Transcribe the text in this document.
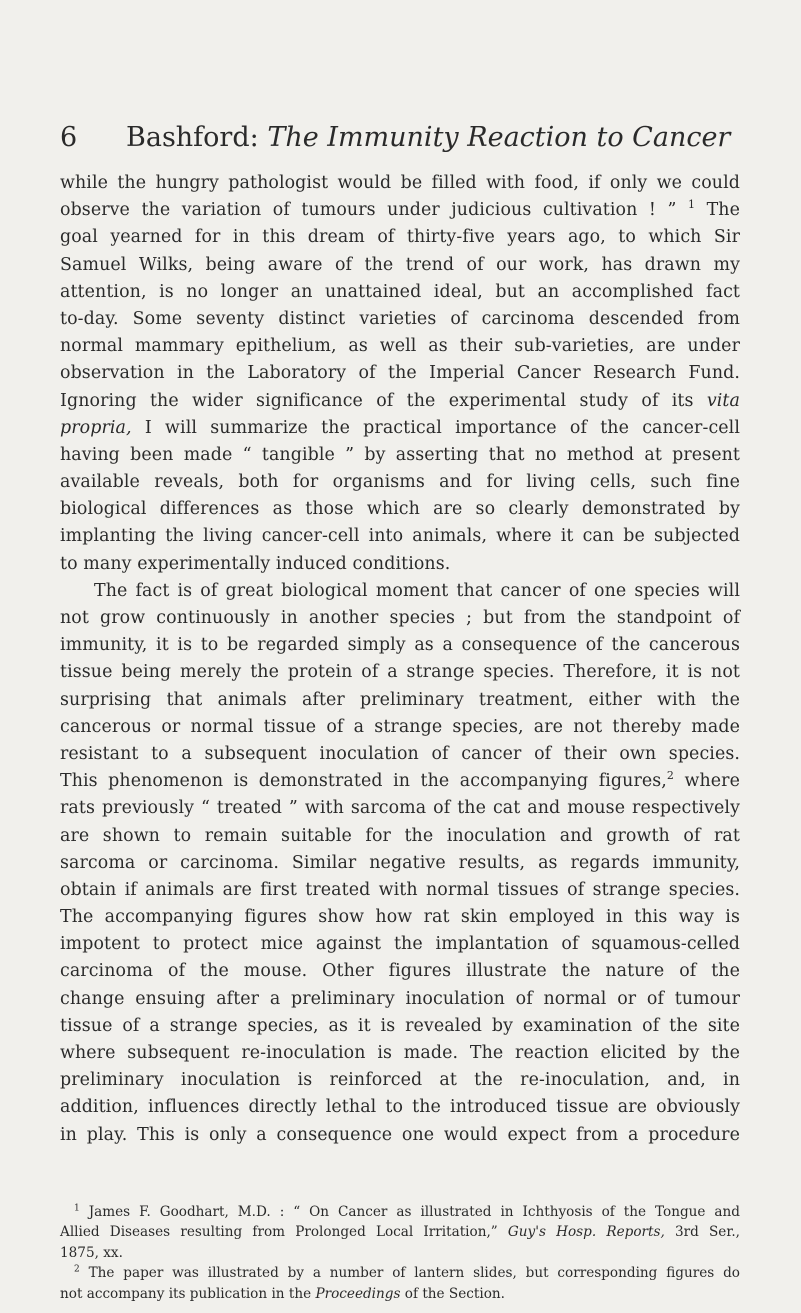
6 Bashford: The Immunity Reaction to Cancer
while the hungry pathologist would be filled with food, if only we could
observe the variation of tumours under judicious cultivation ! ” $^1$ The
goal yearned for in this dream of thirty-five years ago, to which Sir
Samuel Wilks, being aware of the trend of our work, has drawn my
attention, is no longer an unattained ideal, but an accomplished fact
to-day. Some seventy distinct varieties of carcinoma descended from
normal mammary epithelium, as well as their sub-varieties, are under
observation in the Laboratory of the Imperial Cancer Research Fund.
Ignoring the wider significance of the experimental study of its vita
propria, I will summarize the practical importance of the cancer-cell
having been made “ tangible ” by asserting that no method at present
available reveals, both for organisms and for living cells, such fine
biological differences as those which are so clearly demonstrated by
implanting the living cancer-cell into animals, where it can be subjected
to many experimentally induced conditions.
The fact is of great biological moment that cancer of one species will
not grow continuously in another species ; but from the standpoint of
immunity, it is to be regarded simply as a consequence of the cancerous
tissue being merely the protein of a strange species. Therefore, it is not
surprising that animals after preliminary treatment, either with the
cancerous or normal tissue of a strange species, are not thereby made
resistant to a subsequent inoculation of cancer of their own species.
This phenomenon is demonstrated in the accompanying figures,$^2$ where
rats previously “ treated ” with sarcoma of the cat and mouse respectively
are shown to remain suitable for the inoculation and growth of rat
sarcoma or carcinoma. Similar negative results, as regards immunity,
obtain if animals are first treated with normal tissues of strange species.
The accompanying figures show how rat skin employed in this way is
impotent to protect mice against the implantation of squamous-celled
carcinoma of the mouse. Other figures illustrate the nature of the
change ensuing after a preliminary inoculation of normal or of tumour
tissue of a strange species, as it is revealed by examination of the site
where subsequent re-inoculation is made. The reaction elicited by the
preliminary inoculation is reinforced at the re-inoculation, and, in
addition, influences directly lethal to the introduced tissue are obviously
in play. This is only a consequence one would expect from a procedure
$^1$ James F. Goodhart, M.D. : “ On Cancer as illustrated in Ichthyosis of the Tongue and
Allied Diseases resulting from Prolonged Local Irritation,” Guy's Hosp. Reports, 3rd Ser.,
1875, xx.
$^2$ The paper was illustrated by a number of lantern slides, but corresponding figures do
not accompany its publication in the Proceedings of the Section.
